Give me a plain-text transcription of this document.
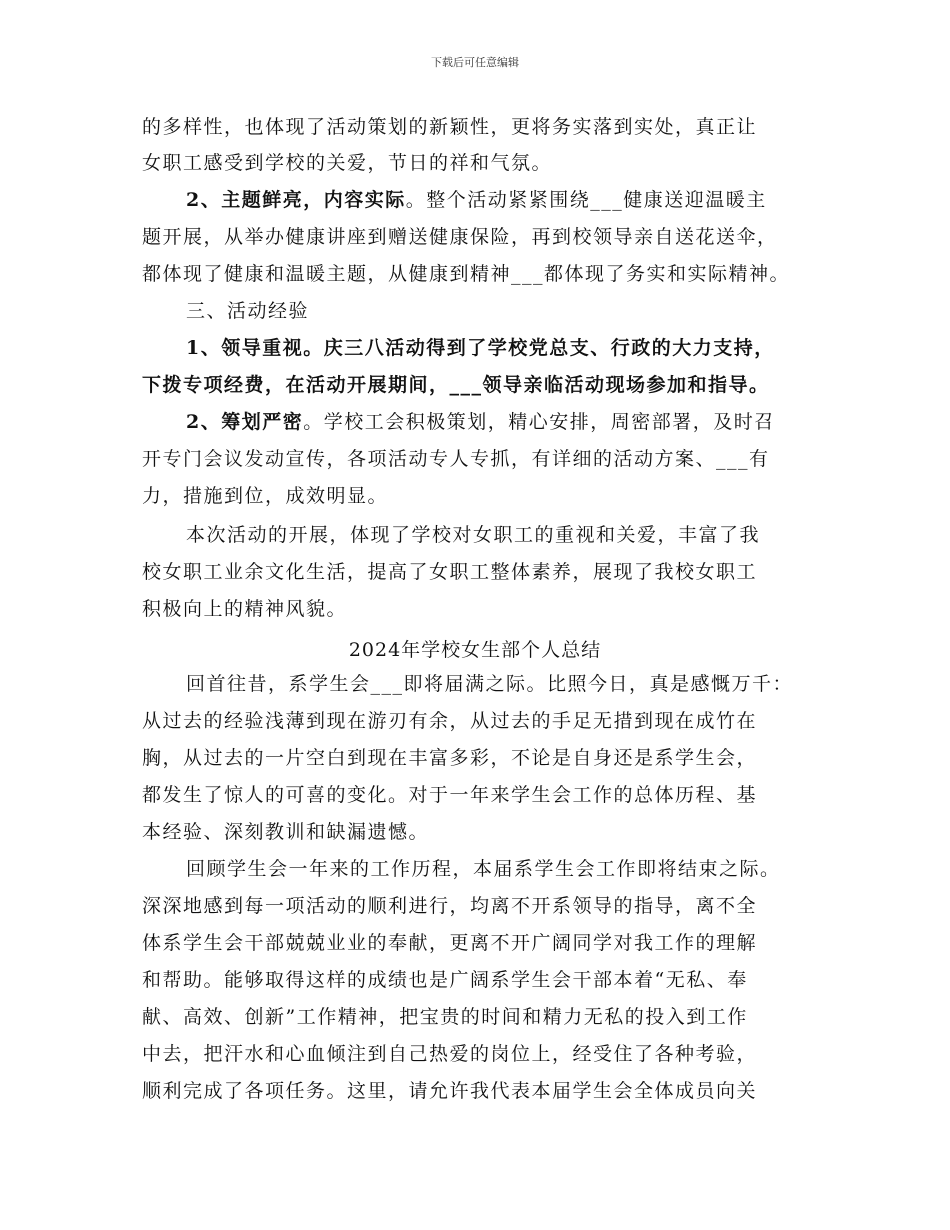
下载后可任意编辑
的多样性，也体现了活动策划的新颖性，更将务实落到实处，真正让
女职工感受到学校的关爱，节日的祥和气氛。
2、主题鲜亮，内容实际。整个活动紧紧围绕___健康送迎温暖主
题开展，从举办健康讲座到赠送健康保险，再到校领导亲自送花送伞，
都体现了健康和温暖主题，从健康到精神___都体现了务实和实际精神。
三、活动经验
1、领导重视。庆三八活动得到了学校党总支、行政的大力支持，
下拨专项经费，在活动开展期间，___领导亲临活动现场参加和指导。
2、筹划严密。学校工会积极策划，精心安排，周密部署，及时召
开专门会议发动宣传，各项活动专人专抓，有详细的活动方案、___有
力，措施到位，成效明显。
本次活动的开展，体现了学校对女职工的重视和关爱，丰富了我
校女职工业余文化生活，提高了女职工整体素养，展现了我校女职工
积极向上的精神风貌。
2024年学校女生部个人总结
回首往昔，系学生会___即将届满之际。比照今日，真是感慨万千：
从过去的经验浅薄到现在游刃有余，从过去的手足无措到现在成竹在
胸，从过去的一片空白到现在丰富多彩，不论是自身还是系学生会，
都发生了惊人的可喜的变化。对于一年来学生会工作的总体历程、基
本经验、深刻教训和缺漏遗憾。
回顾学生会一年来的工作历程，本届系学生会工作即将结束之际。
深深地感到每一项活动的顺利进行，均离不开系领导的指导，离不全
体系学生会干部兢兢业业的奉献，更离不开广阔同学对我工作的理解
和帮助。能够取得这样的成绩也是广阔系学生会干部本着“无私、奉
献、高效、创新”工作精神，把宝贵的时间和精力无私的投入到工作
中去，把汗水和心血倾注到自己热爱的岗位上，经受住了各种考验，
顺利完成了各项任务。这里，请允许我代表本届学生会全体成员向关
